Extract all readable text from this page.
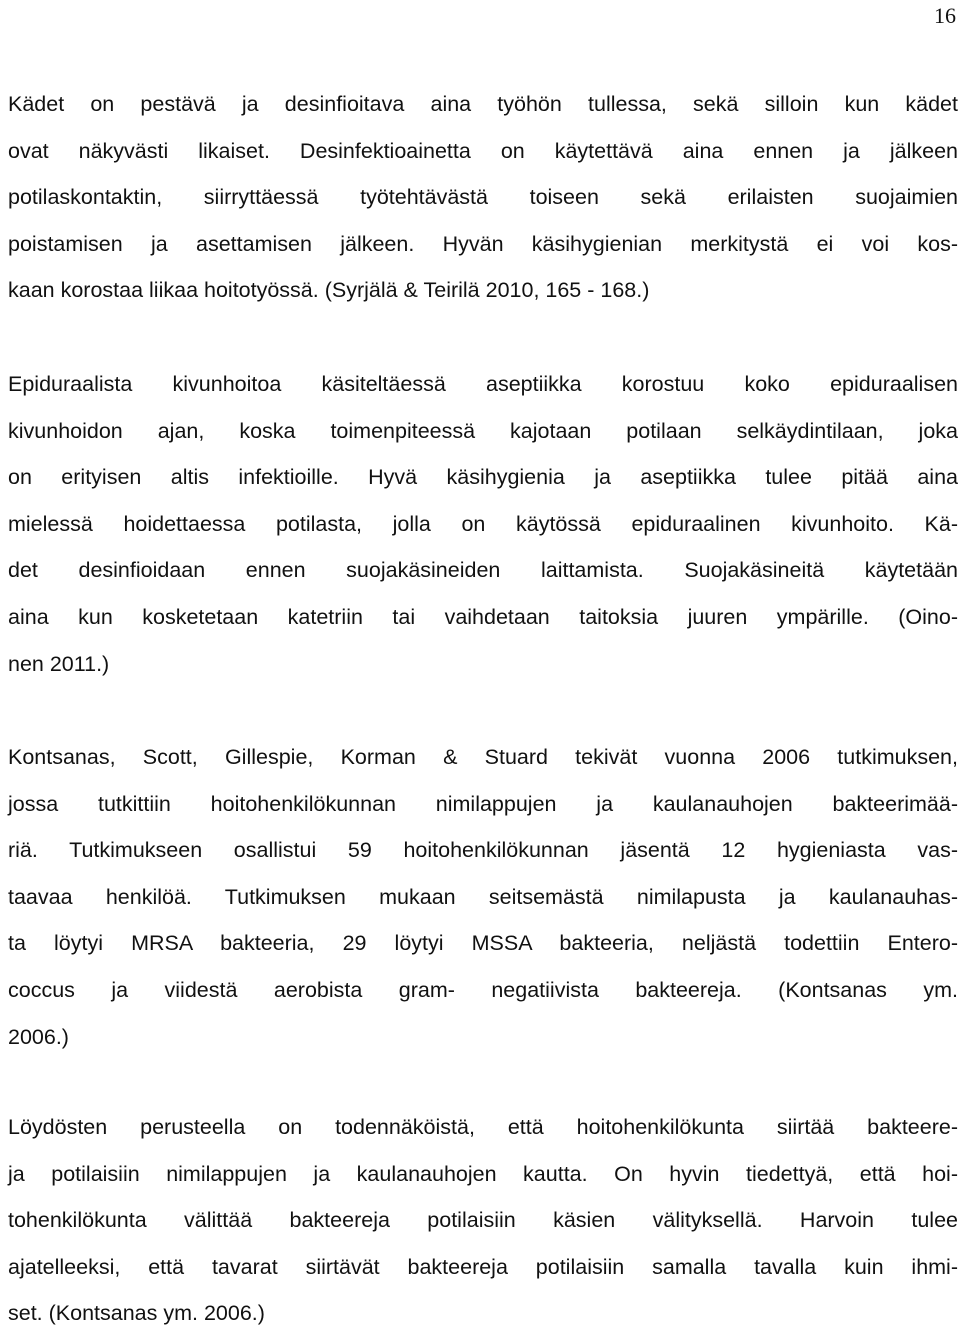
16
Kädet on pestävä ja desinfioitava aina työhön tullessa, sekä silloin kun kädet
ovat näkyvästi likaiset. Desinfektioainetta on käytettävä aina ennen ja jälkeen
potilaskontaktin, siirryttäessä työtehtävästä toiseen sekä erilaisten suojaimien
poistamisen ja asettamisen jälkeen. Hyvän käsihygienian merkitystä ei voi kos-
kaan korostaa liikaa hoitotyössä. (Syrjälä & Teirilä 2010, 165 - 168.)
Epiduraalista kivunhoitoa käsiteltäessä aseptiikka korostuu koko epiduraalisen
kivunhoidon ajan, koska toimenpiteessä kajotaan potilaan selkäydintilaan, joka
on erityisen altis infektioille. Hyvä käsihygienia ja aseptiikka tulee pitää aina
mielessä hoidettaessa potilasta, jolla on käytössä epiduraalinen kivunhoito. Kä-
det desinfioidaan ennen suojakäsineiden laittamista. Suojakäsineitä käytetään
aina kun kosketetaan katetriin tai vaihdetaan taitoksia juuren ympärille. (Oino-
nen 2011.)
Kontsanas, Scott, Gillespie, Korman & Stuard tekivät vuonna 2006 tutkimuksen,
jossa tutkittiin hoitohenkilökunnan nimilappujen ja kaulanauhojen bakteerimää-
riä. Tutkimukseen osallistui 59 hoitohenkilökunnan jäsentä 12 hygieniasta vas-
taavaa henkilöä. Tutkimuksen mukaan seitsemästä nimilapusta ja kaulanauhas-
ta löytyi MRSA bakteeria, 29 löytyi MSSA bakteeria, neljästä todettiin Entero-
coccus ja viidestä aerobista gram- negatiivista bakteereja. (Kontsanas ym.
2006.)
Löydösten perusteella on todennäköistä, että hoitohenkilökunta siirtää bakteere-
ja potilaisiin nimilappujen ja kaulanauhojen kautta. On hyvin tiedettyä, että hoi-
tohenkilökunta välittää bakteereja potilaisiin käsien välityksellä. Harvoin tulee
ajatelleeksi, että tavarat siirtävät bakteereja potilaisiin samalla tavalla kuin ihmi-
set. (Kontsanas ym. 2006.)
